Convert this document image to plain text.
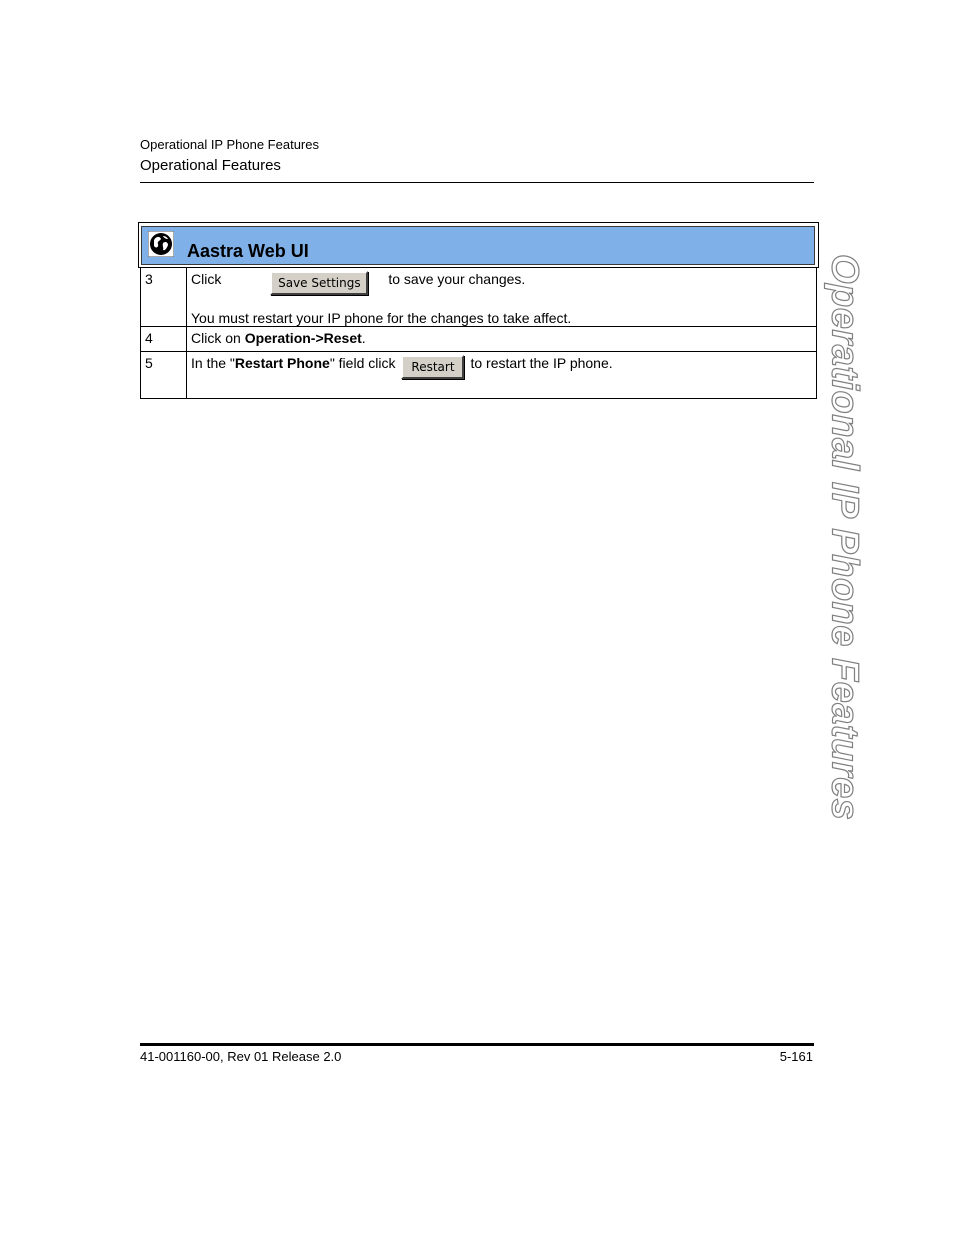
Operational IP Phone Features
Operational Features
Aastra Web UI
3	Click Save Settings to save your changes.
You must restart your IP phone for the changes to take affect.

4	Click on Operation->Reset.
5	In the " Restart Phone " field click Restart to restart the IP phone.	Operational IP Phone Features
41-001160-00, Rev 01 Release 2.0	5-161
